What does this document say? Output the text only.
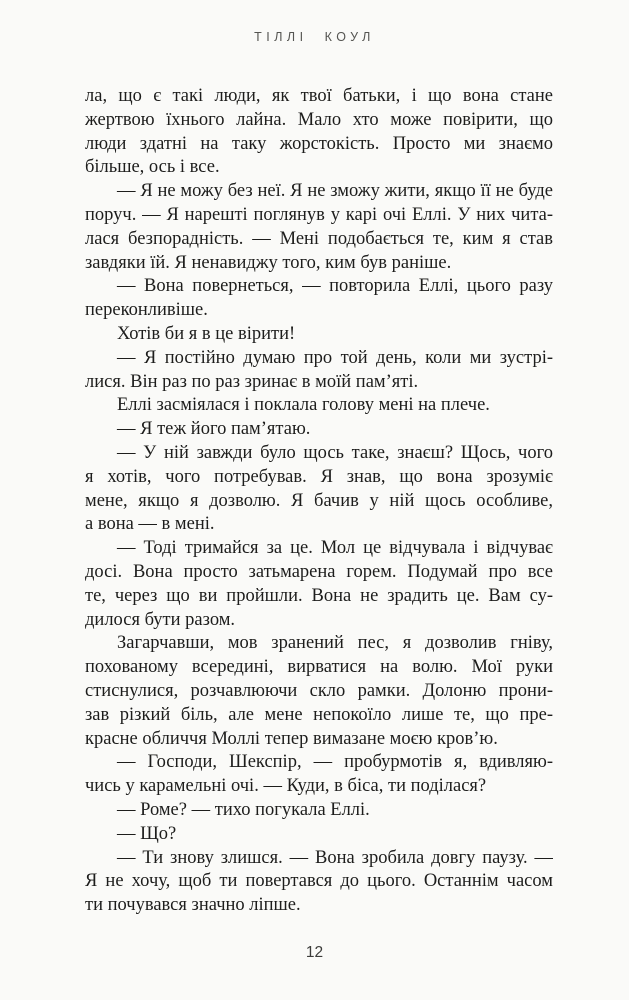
ТІЛЛІ КОУЛ

ла, що є такі люди, як твої батьки, і що вона стане
жертвою їхнього лайна. Мало хто може повірити, що
люди здатні на таку жорстокість. Просто ми знаємо
більше, ось і все.

— Я не можу без неї. Я не зможу жити, якщо її не буде
поруч. — Я нарешті поглянув у карі очі Еллі. У них чита-
лася безпорадність. — Мені подобається те, ким я став
завдяки їй. Я ненавиджу того, ким був раніше.

— Вона повернеться, — повторила Еллі, цього разу
переконливіше.

Хотів би я в це вірити!

— Я постійно думаю про той день, коли ми зустрі-
лися. Він раз по раз зринає в моїй пам’яті.

Еллі засміялася і поклала голову мені на плече.

— Я теж його пам’ятаю.

— У ній завжди було щось таке, знаєш? Щось, чого
я хотів, чого потребував. Я знав, що вона зрозуміє
мене, якщо я дозволю. Я бачив у ній щось особливе,
а вона — в мені.

— Тоді тримайся за це. Мол це відчувала і відчуває
досі. Вона просто затьмарена горем. Подумай про все
те, через що ви пройшли. Вона не зрадить це. Вам су-
дилося бути разом.

Загарчавши, мов зранений пес, я дозволив гніву,
похованому всередині, вирватися на волю. Мої руки
стиснулися, розчавлюючи скло рамки. Долоню прони-
зав різкий біль, але мене непокоїло лише те, що пре-
красне обличчя Моллі тепер вимазане моєю кров’ю.

— Господи, Шекспір, — пробурмотів я, вдивляю-
чись у карамельні очі. — Куди, в біса, ти поділася?

— Роме? — тихо погукала Еллі.

— Що?

— Ти знову злишся. — Вона зробила довгу паузу. —
Я не хочу, щоб ти повертався до цього. Останнім часом
ти почувався значно ліпше.

12
